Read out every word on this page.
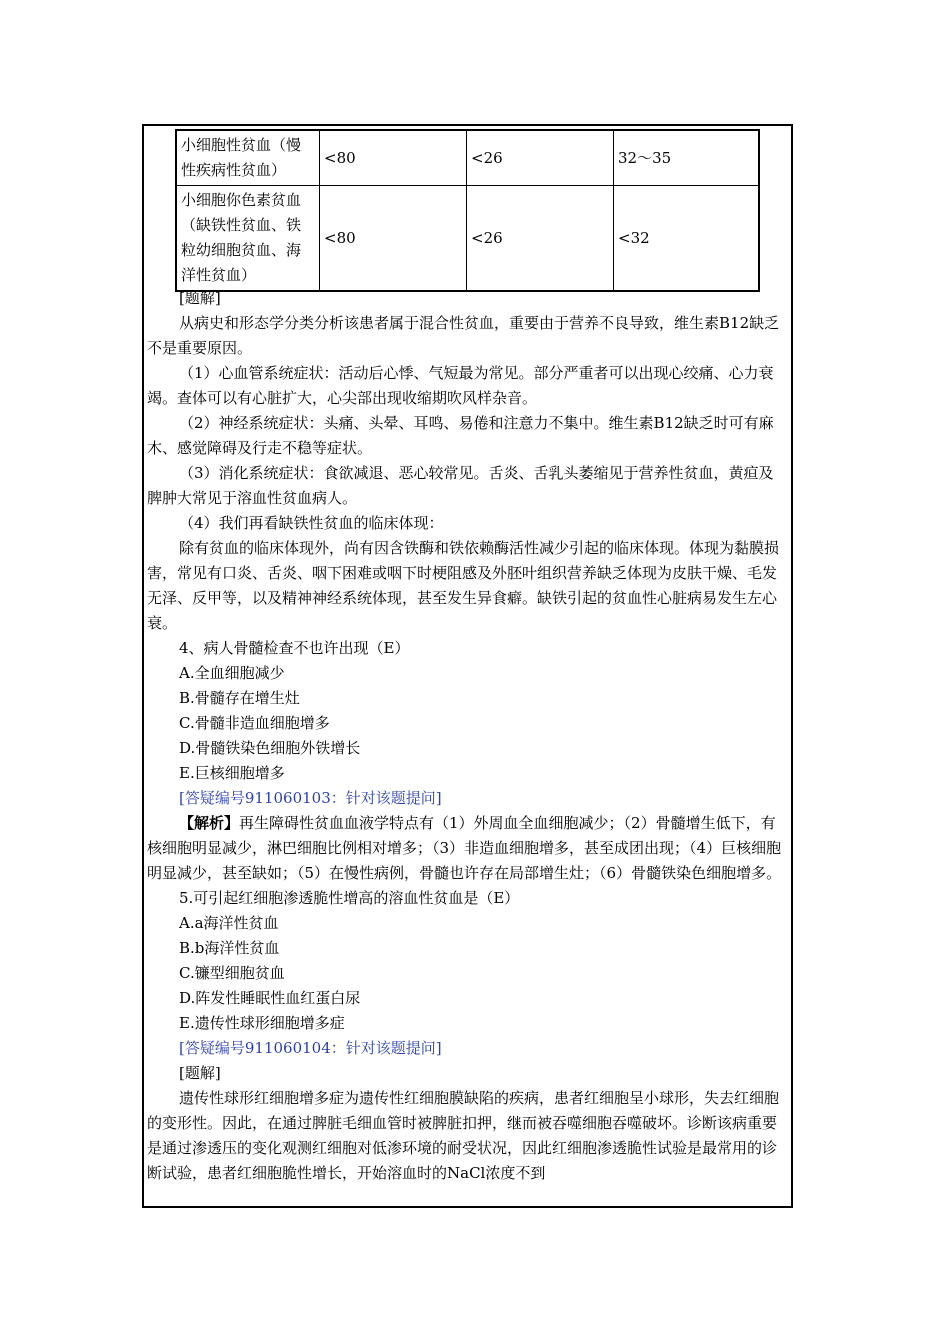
小细胞性贫血（慢性疾病性贫血）	<80	<26	32～35
小细胞你色素贫血（缺铁性贫血、铁粒幼细胞贫血、海洋性贫血）	<80	<26	<32

[题解]

从病史和形态学分类分析该患者属于混合性贫血，重要由于营养不良导致，维生素B12缺乏不是重要原因。

（1）心血管系统症状：活动后心悸、气短最为常见。部分严重者可以出现心绞痛、心力衰竭。查体可以有心脏扩大，心尖部出现收缩期吹风样杂音。

（2）神经系统症状：头痛、头晕、耳鸣、易倦和注意力不集中。维生素B12缺乏时可有麻木、感觉障碍及行走不稳等症状。

（3）消化系统症状：食欲减退、恶心较常见。舌炎、舌乳头萎缩见于营养性贫血，黄疸及脾肿大常见于溶血性贫血病人。

（4）我们再看缺铁性贫血的临床体现：

除有贫血的临床体现外，尚有因含铁酶和铁依赖酶活性减少引起的临床体现。体现为黏膜损害，常见有口炎、舌炎、咽下困难或咽下时梗阻感及外胚叶组织营养缺乏体现为皮肤干燥、毛发无泽、反甲等，以及精神神经系统体现，甚至发生异食癖。缺铁引起的贫血性心脏病易发生左心衰。

4、病人骨髓检查不也许出现（E）

A.全血细胞减少

B.骨髓存在增生灶

C.骨髓非造血细胞增多

D.骨髓铁染色细胞外铁增长

E.巨核细胞增多

[答疑编号911060103：针对该题提问]

【解析】再生障碍性贫血血液学特点有（1）外周血全血细胞减少；（2）骨髓增生低下，有核细胞明显减少，淋巴细胞比例相对增多；（3）非造血细胞增多，甚至成团出现；（4）巨核细胞明显减少，甚至缺如；（5）在慢性病例，骨髓也许存在局部增生灶；（6）骨髓铁染色细胞增多。

5.可引起红细胞渗透脆性增高的溶血性贫血是（E）

A.a海洋性贫血

B.b海洋性贫血

C.镰型细胞贫血

D.阵发性睡眠性血红蛋白尿

E.遗传性球形细胞增多症

[答疑编号911060104：针对该题提问]

[题解]

遗传性球形红细胞增多症为遗传性红细胞膜缺陷的疾病，患者红细胞呈小球形，失去红细胞的变形性。因此，在通过脾脏毛细血管时被脾脏扣押，继而被吞噬细胞吞噬破坏。诊断该病重要是通过渗透压的变化观测红细胞对低渗环境的耐受状况，因此红细胞渗透脆性试验是最常用的诊断试验，患者红细胞脆性增长，开始溶血时的NaCl浓度不到
